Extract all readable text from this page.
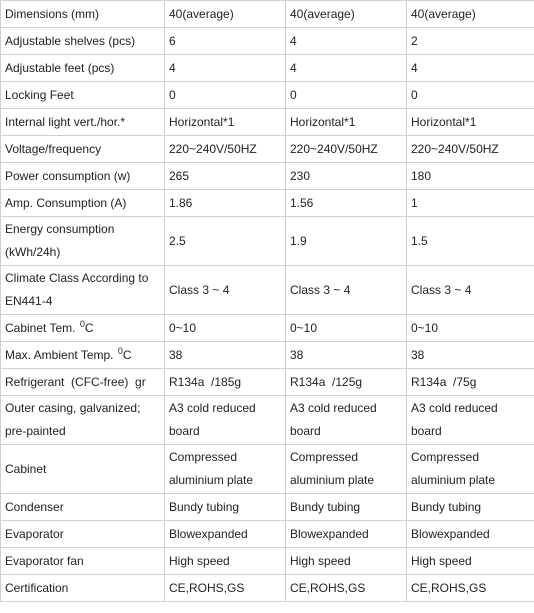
Dimensions (mm)	40(average)	40(average)	40(average)
Adjustable shelves (pcs)	6	4	2
Adjustable feet (pcs)	4	4	4
Locking Feet	0	0	0
Internal light vert./hor.*	Horizontal*1	Horizontal*1	Horizontal*1
Voltage/frequency	220~240V/50HZ	220~240V/50HZ	220~240V/50HZ
Power consumption (w)	265	230	180
Amp. Consumption (A)	1.86	1.56	1
Energy consumption (kWh/24h)	2.5	1.9	1.5
Climate Class According to EN441-4	Class 3 ~ 4	Class 3 ~ 4	Class 3 ~ 4
Cabinet Tem. $^0$C	0~10	0~10	0~10
Max. Ambient Temp. $^0$C	38	38	38
Refrigerant  (CFC-free)  gr	R134a  /185g	R134a  /125g	R134a  /75g
Outer casing, galvanized; pre-painted	A3 cold reduced board	A3 cold reduced board	A3 cold reduced board
Cabinet	Compressed aluminium plate	Compressed aluminium plate	Compressed aluminium plate
Condenser	Bundy tubing	Bundy tubing	Bundy tubing
Evaporator	Blowexpanded	Blowexpanded	Blowexpanded
Evaporator fan	High speed	High speed	High speed
Certification	CE,ROHS,GS	CE,ROHS,GS	CE,ROHS,GS
